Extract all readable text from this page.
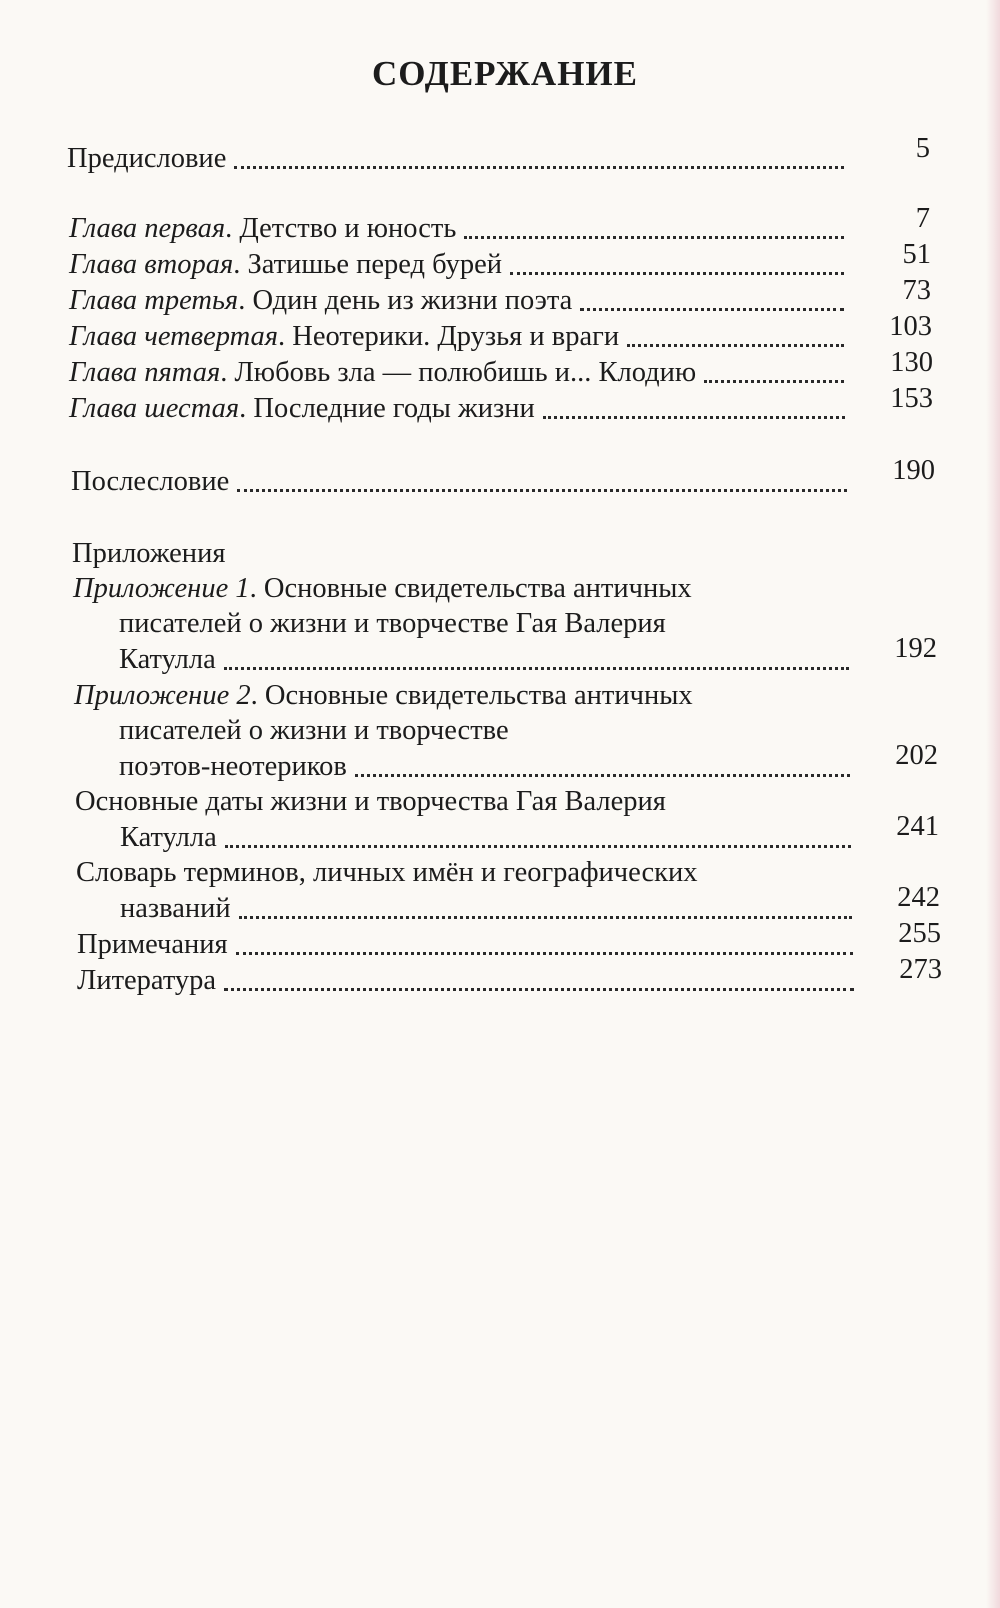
СОДЕРЖАНИЕ
Предисловие	5
Глава первая. Детство и юность	7
Глава вторая. Затишье перед бурей	51
Глава третья. Один день из жизни поэта	73
Глава четвертая. Неотерики. Друзья и враги	103
Глава пятая. Любовь зла — полюбишь и... Клодию	130
Глава шестая. Последние годы жизни	153
Послесловие	190
Приложения
Приложение 1. Основные свидетельства античных
писателей о жизни и творчестве Гая Валерия
Катулла	192
Приложение 2. Основные свидетельства античных
писателей о жизни и творчестве
поэтов-неотериков	202
Основные даты жизни и творчества Гая Валерия
Катулла	241
Словарь терминов, личных имён и географических
названий	242
Примечания	255
Литература	273
